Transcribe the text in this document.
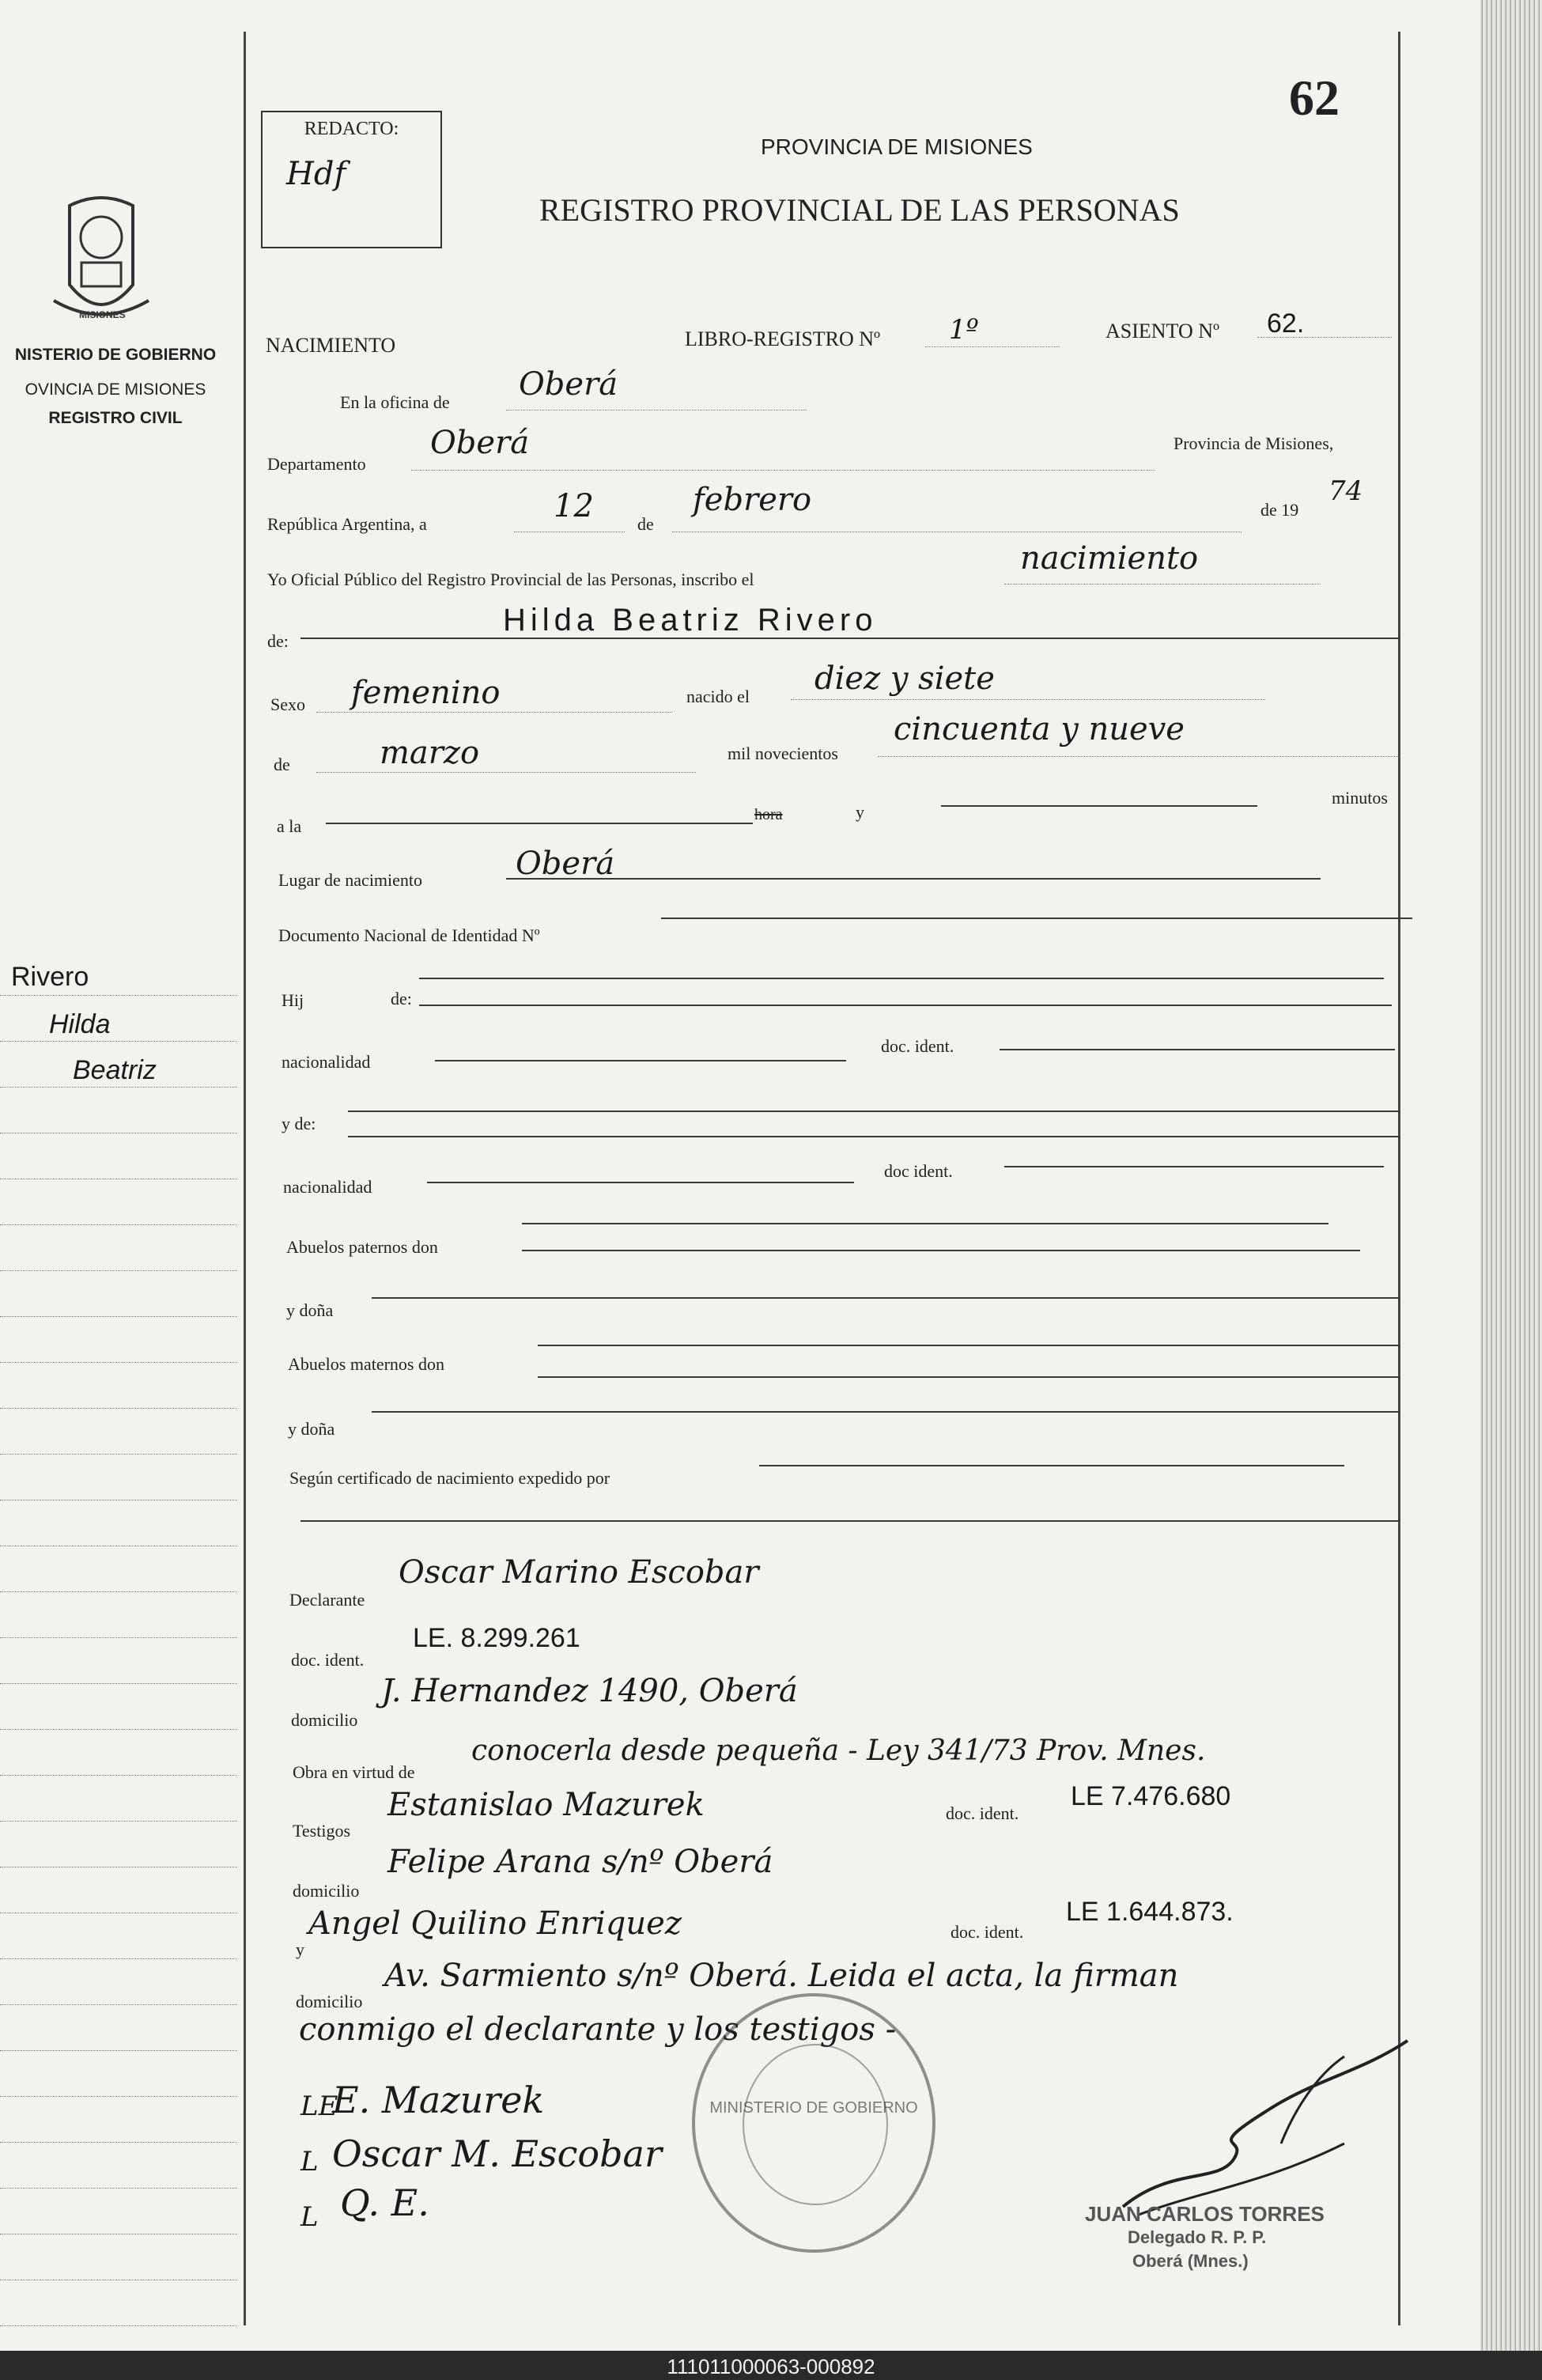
MISIONES
NISTERIO DE GOBIERNO
OVINCIA DE MISIONES
REGISTRO CIVIL
REDACTO:
Hdf
62
PROVINCIA DE MISIONES
REGISTRO PROVINCIAL DE LAS PERSONAS
Rivero
Hilda
Beatriz
NACIMIENTO	LIBRO-REGISTRO Nº	1º	ASIENTO Nº 62.
En la oficina de Oberá
Departamento
Oberá	Provincia de Misiones,
República Argentina, a	12	de
febrero	de 19
74
Yo Oficial Público del Registro Provincial de las Personas, inscribo el
nacimiento
de:
Hilda Beatriz Rivero
Sexo femenino	nacido el diez y siete
de	marzo	mil novecientos
cincuenta y nueve
a la
hora	y
minutos
Lugar de nacimiento	Oberá
Documento Nacional de Identidad Nº
Hij	de:
nacionalidad
doc. ident.
y de:
nacionalidad
doc ident.
Abuelos paternos don
y doña
Abuelos maternos don
y doña
Según certificado de nacimiento expedido por
Declarante
Oscar Marino Escobar
doc. ident.
LE. 8.299.261
domicilio
J. Hernandez 1490, Oberá
Obra en virtud de
conocerla desde pequeña - Ley 341/73 Prov. Mnes.
Testigos
Estanislao Mazurek	doc. ident.
LE 7.476.680
domicilio
Felipe Arana s/nº Oberá
y
Angel Quilino Enriquez	doc. ident.
LE 1.644.873.
domicilio
Av. Sarmiento s/nº Oberá. Leida el acta, la firman
conmigo el declarante y los testigos -
LE
E. Mazurek
L Oscar M. Escobar
L Q. E.
MINISTERIO DE GOBIERNO
JUAN CARLOS TORRES
Delegado R. P. P.
Oberá (Mnes.)
111011000063-000892
